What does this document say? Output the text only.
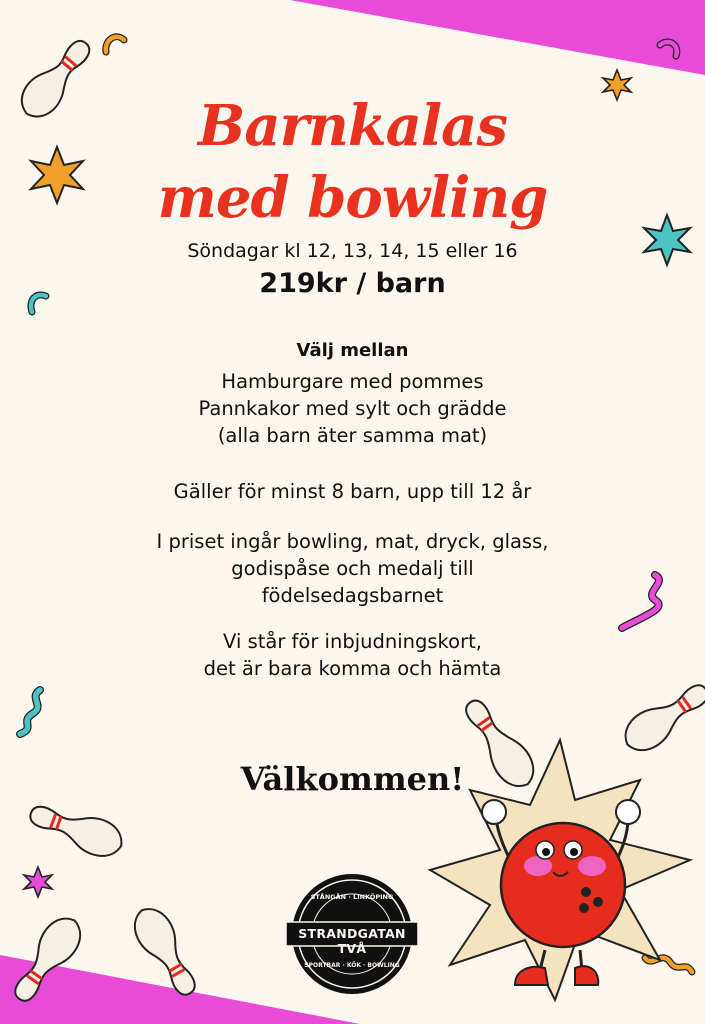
Barnkalas
med bowling
Söndagar kl 12, 13, 14, 15 eller 16
219kr / barn
Välj mellan
Hamburgare med pommes
Pannkakor med sylt och grädde
(alla barn äter samma mat)
Gäller för minst 8 barn, upp till 12 år
I priset ingår bowling, mat, dryck, glass,
godispåse och medalj till
födelsedagsbarnet
Vi står för inbjudningskort,
det är bara komma och hämta
Välkommen!
STÅNGÅN · LINKÖPING
STRANDGATAN TVÅ
SPORTBAR · KÖK · BOWLING
